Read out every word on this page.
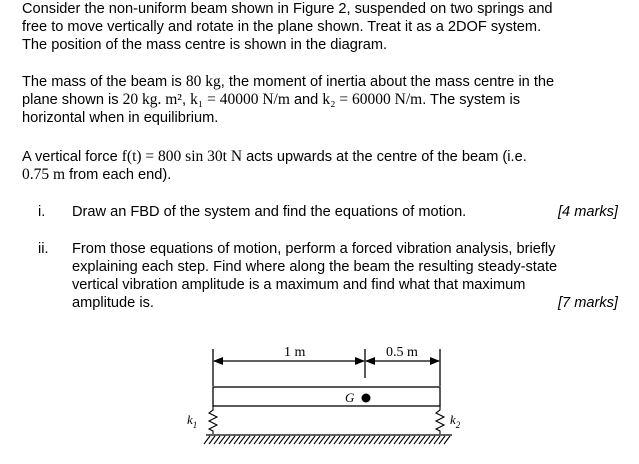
Consider the non-uniform beam shown in Figure 2, suspended on two springs and
free to move vertically and rotate in the plane shown. Treat it as a 2DOF system.
The position of the mass centre is shown in the diagram.

The mass of the beam is 80 kg, the moment of inertia about the mass centre in the
plane shown is 20 kg. m², k₁ = 40000 N/m and k₂ = 60000 N/m. The system is
horizontal when in equilibrium.

A vertical force f(t) = 800 sin 30t N acts upwards at the centre of the beam (i.e.
0.75 m from each end).

i. Draw an FBD of the system and find the equations of motion.	[4 marks]
ii. From those equations of motion, perform a forced vibration analysis, briefly
explaining each step. Find where along the beam the resulting steady-state
vertical vibration amplitude is a maximum and find what that maximum
amplitude is.	[7 marks]
1 m	0.5 m
G
$k_1$	$k_2$
